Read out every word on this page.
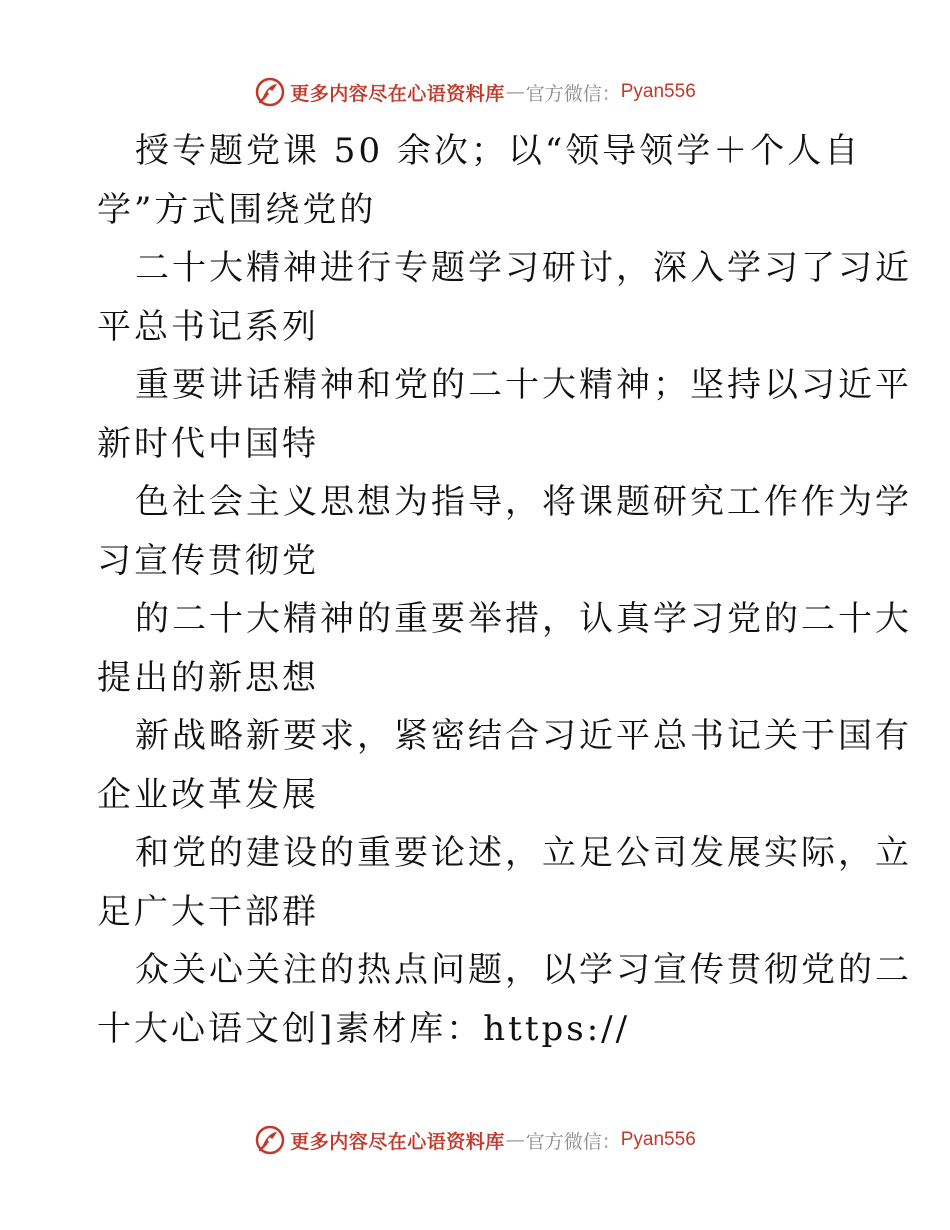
更多内容尽在心语资料库 — 官方微信： Pyan556
授专题党课 50 余次；以“领导领学＋个人自
学”方式围绕党的
二十大精神进行专题学习研讨，深入学习了习近
平总书记系列
重要讲话精神和党的二十大精神；坚持以习近平
新时代中国特
色社会主义思想为指导，将课题研究工作作为学
习宣传贯彻党
的二十大精神的重要举措，认真学习党的二十大
提出的新思想
新战略新要求，紧密结合习近平总书记关于国有
企业改革发展
和党的建设的重要论述，立足公司发展实际，立
足广大干部群
众关心关注的热点问题，以学习宣传贯彻党的二
十大心语文创]素材库：https://
更多内容尽在心语资料库 — 官方微信： Pyan556
